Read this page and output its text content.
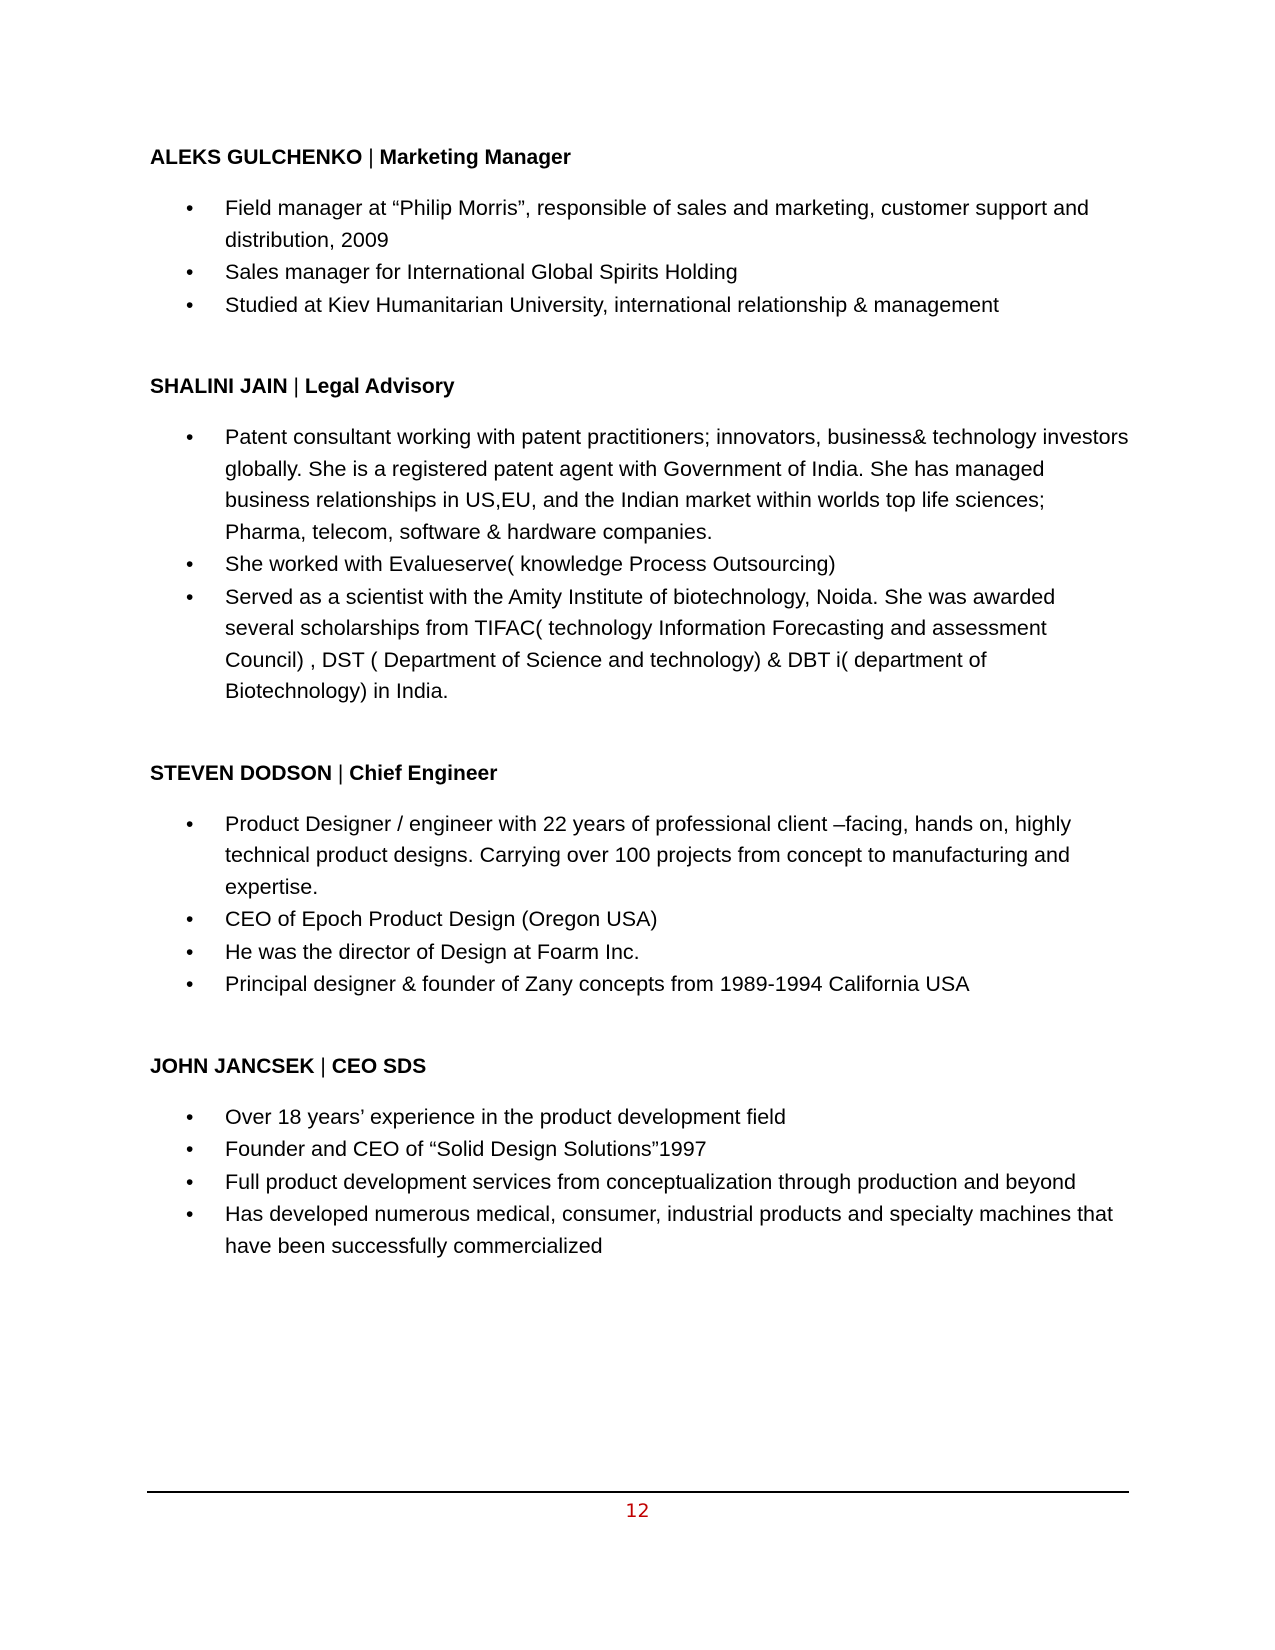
ALEKS GULCHENKO | Marketing Manager
• Field manager at “Philip Morris”, responsible of sales and marketing, customer support and distribution, 2009
• Sales manager for International Global Spirits Holding
• Studied at Kiev Humanitarian University, international relationship & management
SHALINI JAIN | Legal Advisory
• Patent consultant working with patent practitioners; innovators, business& technology investors globally. She is a registered patent agent with Government of India. She has managed business relationships in US,EU, and the Indian market within worlds top life sciences; Pharma, telecom, software & hardware companies.
• She worked with Evalueserve( knowledge Process Outsourcing)
• Served as a scientist with the Amity Institute of biotechnology, Noida. She was awarded several scholarships from TIFAC( technology Information Forecasting and assessment Council) , DST ( Department of Science and technology) & DBT i( department of Biotechnology) in India.
STEVEN DODSON | Chief Engineer
• Product Designer / engineer with 22 years of professional client –facing, hands on, highly technical product designs. Carrying over 100 projects from concept to manufacturing and expertise.
• CEO of Epoch Product Design (Oregon USA)
• He was the director of Design at Foarm Inc.
• Principal designer & founder of Zany concepts from 1989-1994 California USA
JOHN JANCSEK | CEO SDS
• Over 18 years’ experience in the product development field
• Founder and CEO of “Solid Design Solutions”1997
• Full product development services from conceptualization through production and beyond
• Has developed numerous medical, consumer, industrial products and specialty machines that have been successfully commercialized
12
